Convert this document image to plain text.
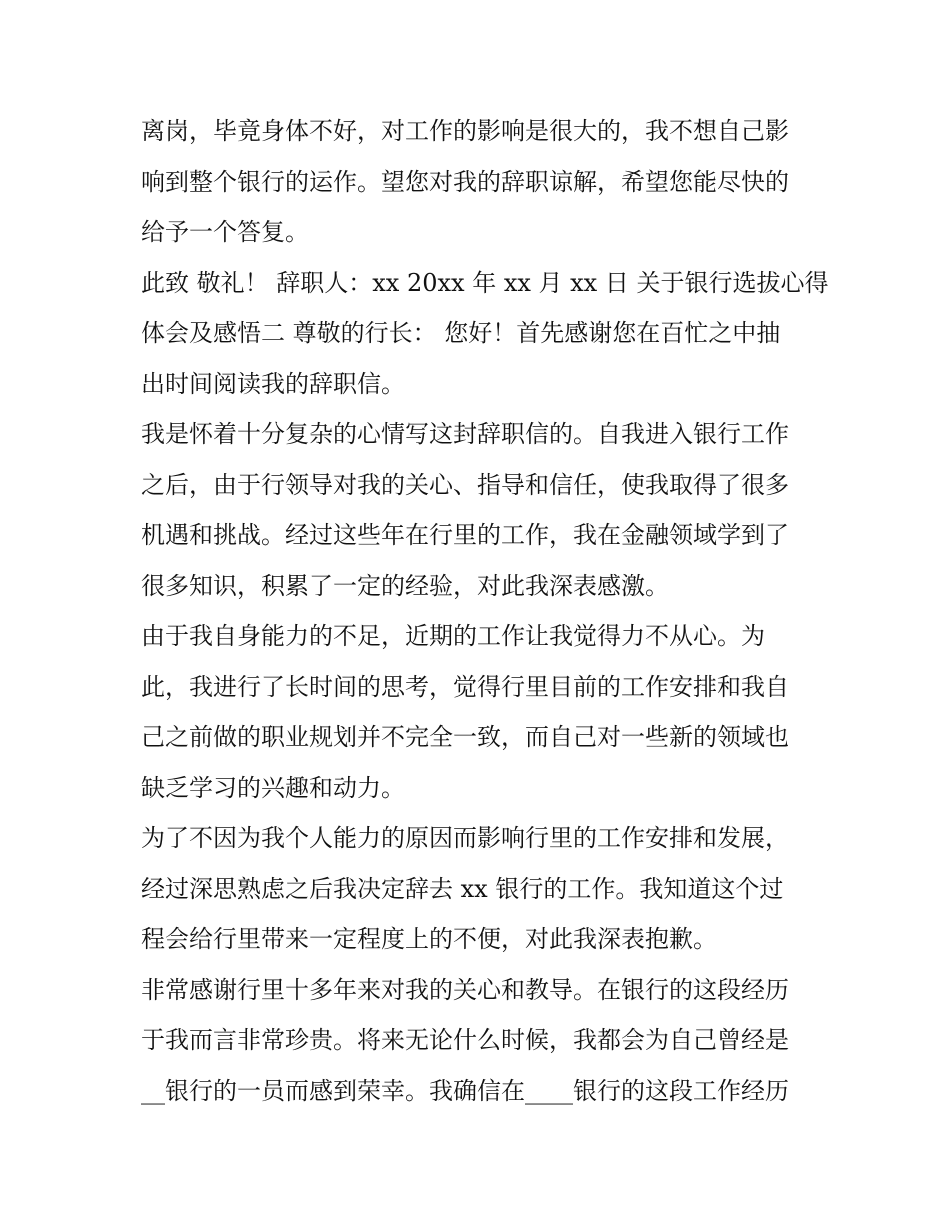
离岗，毕竟身体不好，对工作的影响是很大的，我不想自己影
响到整个银行的运作。望您对我的辞职谅解，希望您能尽快的
给予一个答复。
此致 敬礼！ 辞职人：xx 20xx 年 xx 月 xx 日 关于银行选拔心得
体会及感悟二 尊敬的行长： 您好！首先感谢您在百忙之中抽
出时间阅读我的辞职信。
我是怀着十分复杂的心情写这封辞职信的。自我进入银行工作
之后，由于行领导对我的关心、指导和信任，使我取得了很多
机遇和挑战。经过这些年在行里的工作，我在金融领域学到了
很多知识，积累了一定的经验，对此我深表感激。
由于我自身能力的不足，近期的工作让我觉得力不从心。为
此，我进行了长时间的思考，觉得行里目前的工作安排和我自
己之前做的职业规划并不完全一致，而自己对一些新的领域也
缺乏学习的兴趣和动力。
为了不因为我个人能力的原因而影响行里的工作安排和发展，
经过深思熟虑之后我决定辞去 xx 银行的工作。我知道这个过
程会给行里带来一定程度上的不便，对此我深表抱歉。
非常感谢行里十多年来对我的关心和教导。在银行的这段经历
于我而言非常珍贵。将来无论什么时候，我都会为自己曾经是
__银行的一员而感到荣幸。我确信在____银行的这段工作经历
